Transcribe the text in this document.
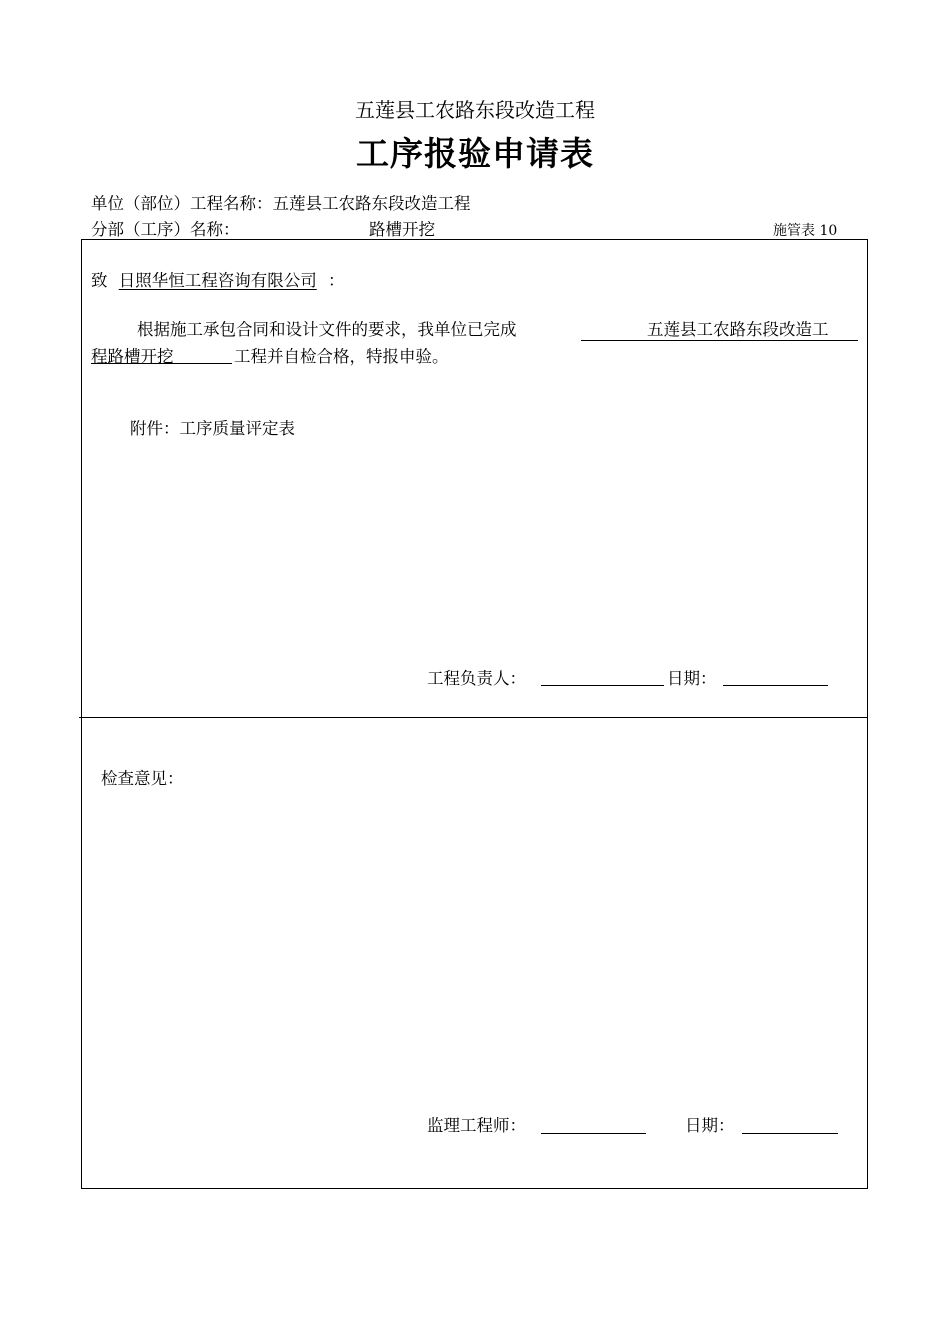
五莲县工农路东段改造工程
工序报验申请表
单位（部位）工程名称：五莲县工农路东段改造工程
分部（工序）名称：	路槽开挖	施管表 10
致 日照华恒工程咨询有限公司 ：
根据施工承包合同和设计文件的要求，我单位已完成	五莲县工农路东段改造工
程路槽开挖	工程并自检合格，特报申验。
附件：工序质量评定表
工程负责人：	日期：
检查意见：
监理工程师：	日期：
